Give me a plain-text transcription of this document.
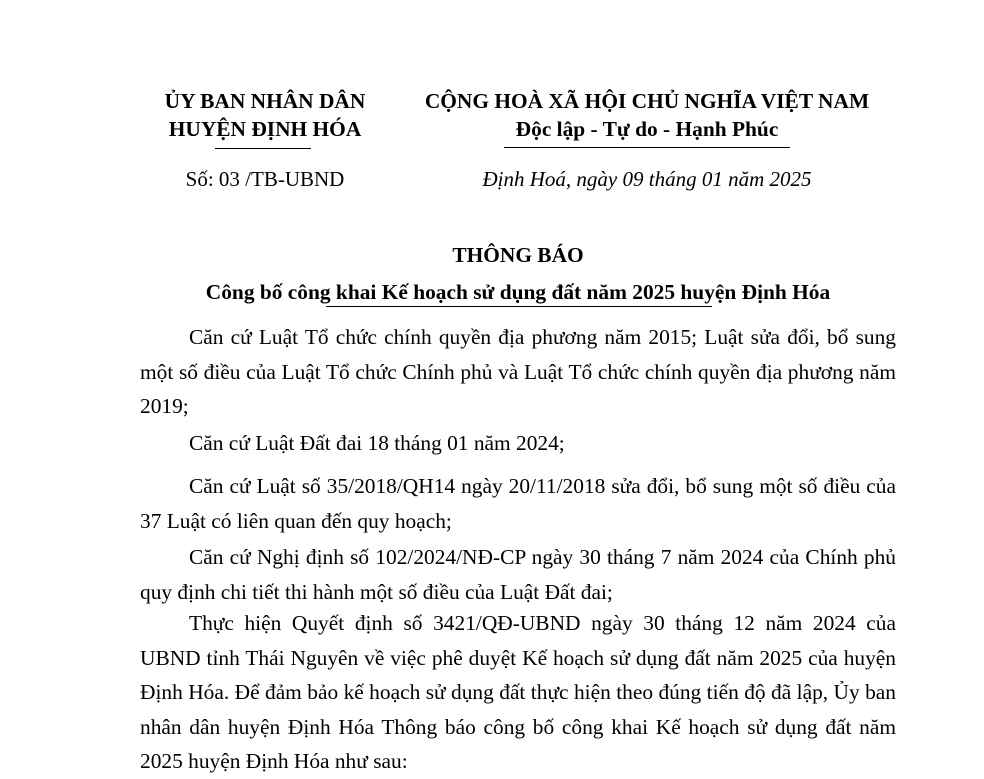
ỦY BAN NHÂN DÂN
HUYỆN ĐỊNH HÓA
Số: 03 /TB-UBND
CỘNG HOÀ XÃ HỘI CHỦ NGHĨA VIỆT NAM
Độc lập - Tự do - Hạnh Phúc
Định Hoá, ngày 09 tháng 01 năm 2025
THÔNG BÁO
Công bố công khai Kế hoạch sử dụng đất năm 2025 huyện Định Hóa
Căn cứ Luật Tổ chức chính quyền địa phương năm 2015; Luật sửa đổi, bổ sung một số điều của Luật Tổ chức Chính phủ và Luật Tổ chức chính quyền địa phương năm 2019;
Căn cứ Luật Đất đai 18 tháng 01 năm 2024;
Căn cứ Luật số 35/2018/QH14 ngày 20/11/2018 sửa đổi, bổ sung một số điều của 37 Luật có liên quan đến quy hoạch;
Căn cứ Nghị định số 102/2024/NĐ-CP ngày 30 tháng 7 năm 2024 của Chính phủ quy định chi tiết thi hành một số điều của Luật Đất đai;
Thực hiện Quyết định số 3421/QĐ-UBND ngày 30 tháng 12 năm 2024 của UBND tỉnh Thái Nguyên về việc phê duyệt Kế hoạch sử dụng đất năm 2025 của huyện Định Hóa. Để đảm bảo kế hoạch sử dụng đất thực hiện theo đúng tiến độ đã lập, Ủy ban nhân dân huyện Định Hóa Thông báo công bố công khai Kế hoạch sử dụng đất năm 2025 huyện Định Hóa như sau:
